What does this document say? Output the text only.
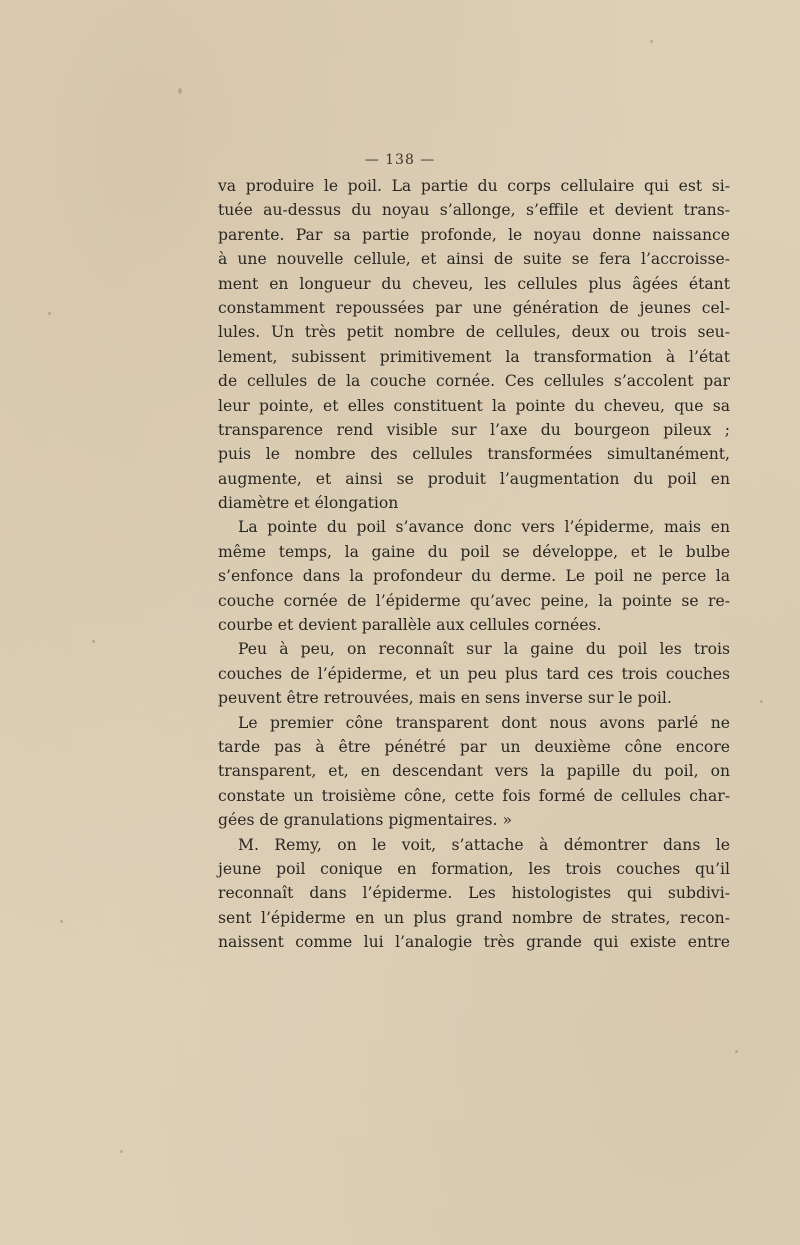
— 138 —
va produire le poil. La partie du corps cellulaire qui est si-
tuée au-dessus du noyau s’allonge, s’effile et devient trans-
parente. Par sa partie profonde, le noyau donne naissance
à une nouvelle cellule, et ainsi de suite se fera l’accroisse-
ment en longueur du cheveu, les cellules plus âgées étant
constamment repoussées par une génération de jeunes cel-
lules. Un très petit nombre de cellules, deux ou trois seu-
lement, subissent primitivement la transformation à l’état
de cellules de la couche cornée. Ces cellules s’accolent par
leur pointe, et elles constituent la pointe du cheveu, que sa
transparence rend visible sur l’axe du bourgeon pileux ;
puis le nombre des cellules transformées simultanément,
augmente, et ainsi se produit l’augmentation du poil en
diamètre et élongation
La pointe du poil s’avance donc vers l’épiderme, mais en
même temps, la gaine du poil se développe, et le bulbe
s’enfonce dans la profondeur du derme. Le poil ne perce la
couche cornée de l’épiderme qu’avec peine, la pointe se re-
courbe et devient parallèle aux cellules cornées.
Peu à peu, on reconnaît sur la gaine du poil les trois
couches de l’épiderme, et un peu plus tard ces trois couches
peuvent être retrouvées, mais en sens inverse sur le poil.
Le premier cône transparent dont nous avons parlé ne
tarde pas à être pénétré par un deuxième cône encore
transparent, et, en descendant vers la papille du poil, on
constate un troisième cône, cette fois formé de cellules char-
gées de granulations pigmentaires. »
M. Remy, on le voit, s’attache à démontrer dans le
jeune poil conique en formation, les trois couches qu’il
reconnaît dans l’épiderme. Les histologistes qui subdivi-
sent l’épiderme en un plus grand nombre de strates, recon-
naissent comme lui l’analogie très grande qui existe entre
